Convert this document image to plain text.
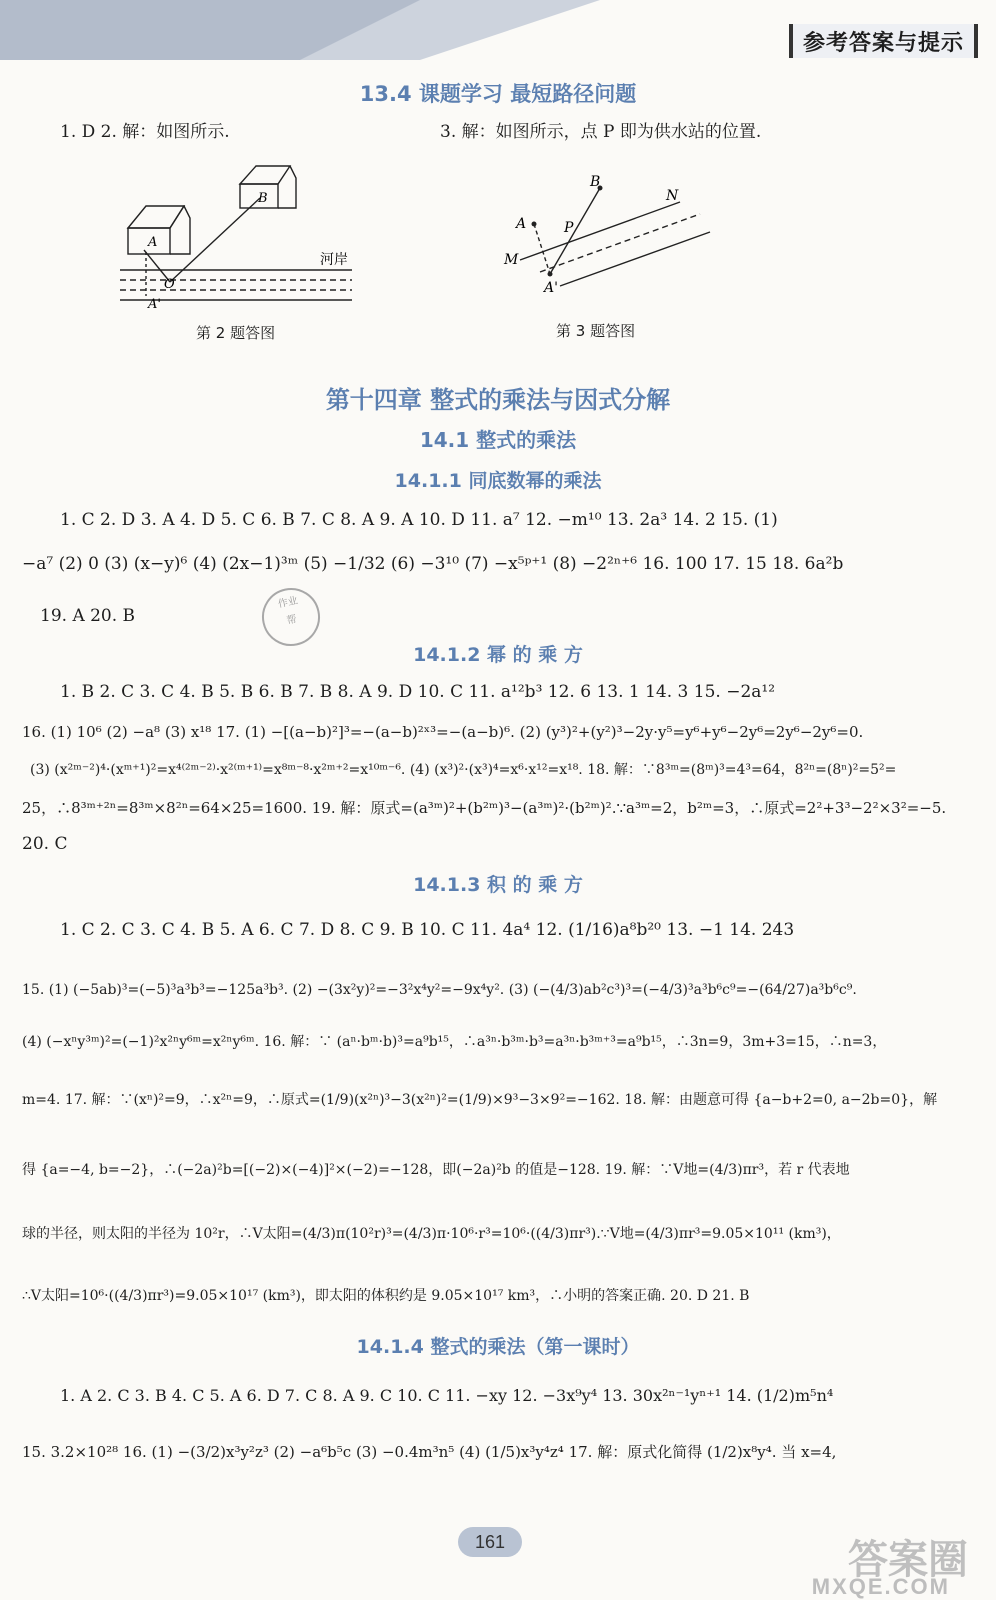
参考答案与提示
13.4 课题学习 最短路径问题
1. D 2. 解：如图所示.	3. 解：如图所示，点 P 即为供水站的位置.
A
B
O
A'
河岸
第 2 题答图
B
A	P
M
N
A'
第 3 题答图
第十四章 整式的乘法与因式分解
14.1 整式的乘法
14.1.1 同底数幂的乘法
1. C 2. D 3. A 4. D 5. C 6. B 7. C 8. A 9. A 10. D 11. a⁷ 12. −m¹⁰ 13. 2a³ 14. 2 15. (1)
−a⁷ (2) 0 (3) (x−y)⁶ (4) (2x−1)³ᵐ (5) −1/32 (6) −3¹⁰ (7) −x⁵ᵖ⁺¹ (8) −2²ⁿ⁺⁶ 16. 100 17. 15 18. 6a²b
19. A 20. B
作业
帮
14.1.2 幂 的 乘 方
1. B 2. C 3. C 4. B 5. B 6. B 7. B 8. A 9. D 10. C 11. a¹²b³ 12. 6 13. 1 14. 3 15. −2a¹²
16. (1) 10⁶ (2) −a⁸ (3) x¹⁸ 17. (1) −[(a−b)²]³=−(a−b)²ˣ³=−(a−b)⁶. (2) (y³)²+(y²)³−2y·y⁵=y⁶+y⁶−2y⁶=2y⁶−2y⁶=0.
(3) (x²ᵐ⁻²)⁴·(xᵐ⁺¹)²=x⁴⁽²ᵐ⁻²⁾·x²⁽ᵐ⁺¹⁾=x⁸ᵐ⁻⁸·x²ᵐ⁺²=x¹⁰ᵐ⁻⁶. (4) (x³)²·(x³)⁴=x⁶·x¹²=x¹⁸. 18. 解：∵8³ᵐ=(8ᵐ)³=4³=64，8²ⁿ=(8ⁿ)²=5²=
25，∴8³ᵐ⁺²ⁿ=8³ᵐ×8²ⁿ=64×25=1600. 19. 解：原式=(a³ᵐ)²+(b²ᵐ)³−(a³ᵐ)²·(b²ᵐ)².∵a³ᵐ=2，b²ᵐ=3，∴原式=2²+3³−2²×3²=−5.
20. C
14.1.3 积 的 乘 方
1. C 2. C 3. C 4. B 5. A 6. C 7. D 8. C 9. B 10. C 11. 4a⁴ 12. (1/16)a⁸b²⁰ 13. −1 14. 243
15. (1) (−5ab)³=(−5)³a³b³=−125a³b³. (2) −(3x²y)²=−3²x⁴y²=−9x⁴y². (3) (−(4/3)ab²c³)³=(−4/3)³a³b⁶c⁹=−(64/27)a³b⁶c⁹.
(4) (−xⁿy³ᵐ)²=(−1)²x²ⁿy⁶ᵐ=x²ⁿy⁶ᵐ. 16. 解：∵ (aⁿ·bᵐ·b)³=a⁹b¹⁵，∴a³ⁿ·b³ᵐ·b³=a³ⁿ·b³ᵐ⁺³=a⁹b¹⁵，∴3n=9，3m+3=15，∴n=3，
m=4. 17. 解：∵(xⁿ)²=9，∴x²ⁿ=9，∴原式=(1/9)(x²ⁿ)³−3(x²ⁿ)²=(1/9)×9³−3×9²=−162. 18. 解：由题意可得 {a−b+2=0, a−2b=0}，解
得 {a=−4, b=−2}，∴(−2a)²b=[(−2)×(−4)]²×(−2)=−128，即(−2a)²b 的值是−128. 19. 解：∵V地=(4/3)πr³，若 r 代表地
球的半径，则太阳的半径为 10²r，∴V太阳=(4/3)π(10²r)³=(4/3)π·10⁶·r³=10⁶·((4/3)πr³).∵V地=(4/3)πr³=9.05×10¹¹ (km³)，
∴V太阳=10⁶·((4/3)πr³)=9.05×10¹⁷ (km³)，即太阳的体积约是 9.05×10¹⁷ km³，∴小明的答案正确. 20. D 21. B
14.1.4 整式的乘法（第一课时）
1. A 2. C 3. B 4. C 5. A 6. D 7. C 8. A 9. C 10. C 11. −xy 12. −3x⁹y⁴ 13. 30x²ⁿ⁻¹yⁿ⁺¹ 14. (1/2)m⁵n⁴
15. 3.2×10²⁸ 16. (1) −(3/2)x³y²z³ (2) −a⁶b⁵c (3) −0.4m³n⁵ (4) (1/5)x³y⁴z⁴ 17. 解：原式化简得 (1/2)x⁸y⁴. 当 x=4,
161	答案圈
MXQE.COM
